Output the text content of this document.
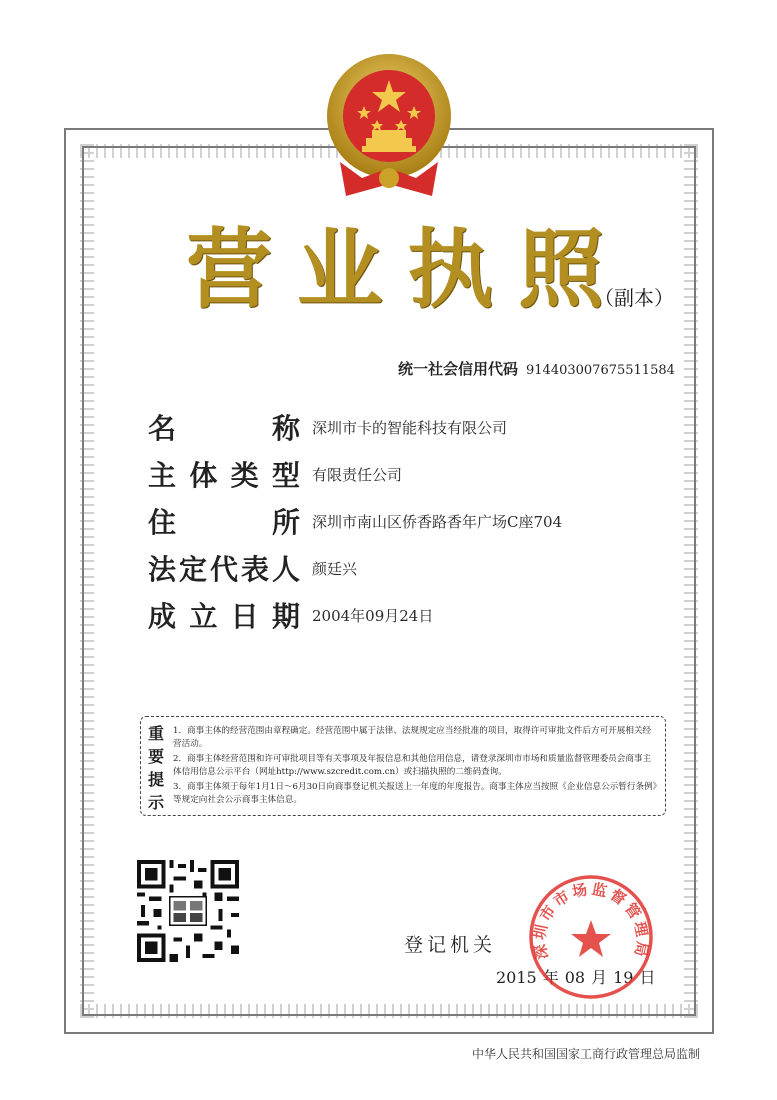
营 业 执 照
（副本）
统一社会信用代码 914403007675511584
名	称 深圳市卡的智能科技有限公司
主 体 类 型 有限责任公司
住	所 深圳市南山区侨香路香年广场C座704
法 定 代 表 人 颜廷兴
成 立 日 期 2004年09月24日
重
要
提
示

1．商事主体的经营范围由章程确定。经营范围中属于法律、法规规定应当经批准的项目，取得许可审批文件后方可开展相关经营活动。

2．商事主体经营范围和许可审批项目等有关事项及年报信息和其他信用信息，请登录深圳市市场和质量监督管理委员会商事主体信用信息公示平台（网址http://www.szcredit.com.cn）或扫描执照的二维码查询。

3．商事主体须于每年1月1日～6月30日向商事登记机关报送上一年度的年度报告。商事主体应当按照《企业信息公示暂行条例》等规定向社会公示商事主体信息。

登记机关
2015 年 08 月 19 日
深圳市市场监督管理局
中华人民共和国国家工商行政管理总局监制
